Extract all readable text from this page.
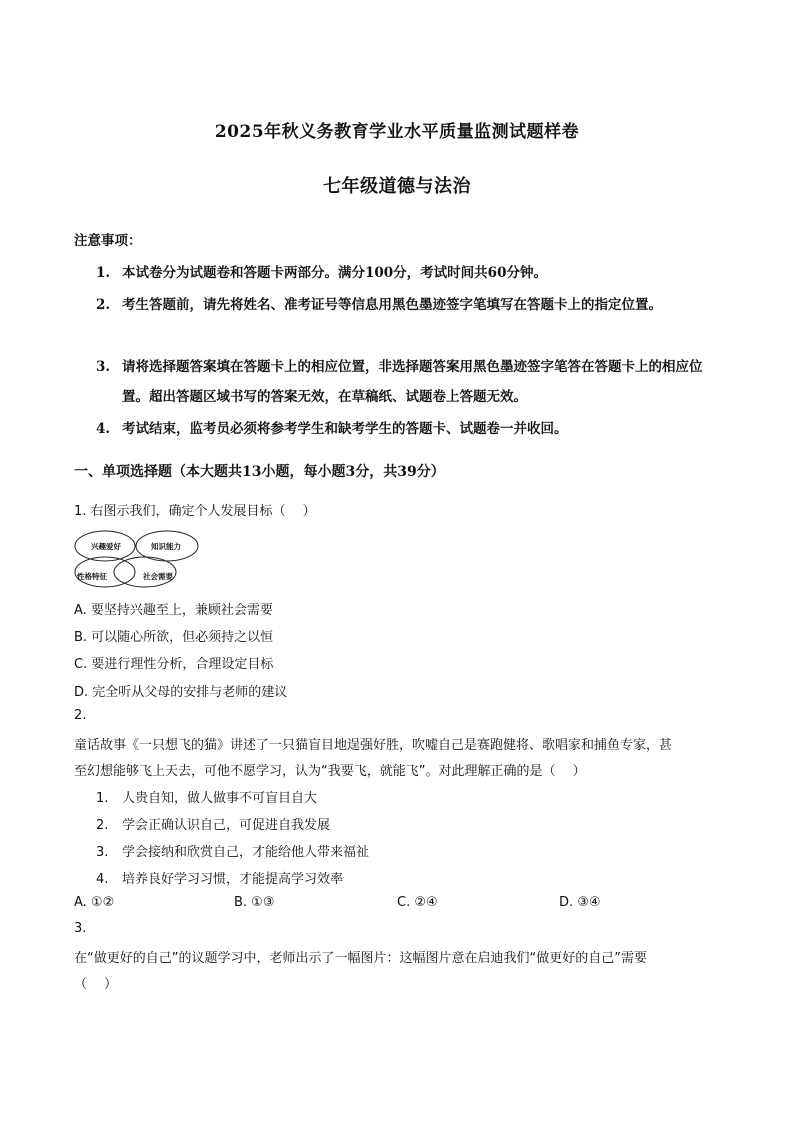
2025年秋义务教育学业水平质量监测试题样卷
七年级道德与法治
注意事项：
1. 本试卷分为试题卷和答题卡两部分。满分100分，考试时间共60分钟。
2. 考生答题前，请先将姓名、准考证号等信息用黑色墨迹签字笔填写在答题卡上的指定位置。
3. 请将选择题答案填在答题卡上的相应位置，非选择题答案用黑色墨迹签字笔答在答题卡上的相应位置。超出答题区域书写的答案无效，在草稿纸、试题卷上答题无效。
4. 考试结束，监考员必须将参考学生和缺考学生的答题卡、试题卷一并收回。
一、单项选择题（本大题共13小题，每小题3分，共39分）
1. 右图示我们，确定个人发展目标（　 ）
兴趣爱好	知识能力
性格特征	社会需要
A. 要坚持兴趣至上，兼顾社会需要
B. 可以随心所欲，但必须持之以恒
C. 要进行理性分析，合理设定目标
D. 完全听从父母的安排与老师的建议
2.
童话故事《一只想飞的猫》讲述了一只猫盲目地逞强好胜，吹嘘自己是赛跑健将、歌唱家和捕鱼专家，甚
至幻想能够飞上天去，可他不愿学习，认为“我要飞，就能飞”。对此理解正确的是（　 ）
1. 人贵自知，做人做事不可盲目自大
2. 学会正确认识自己，可促进自我发展
3. 学会接纳和欣赏自己，才能给他人带来福祉
4. 培养良好学习习惯，才能提高学习效率
A. ①②	B. ①③	C. ②④	D. ③④
3.
在“做更好的自己”的议题学习中，老师出示了一幅图片：这幅图片意在启迪我们“做更好的自己”需要
（　 ）
